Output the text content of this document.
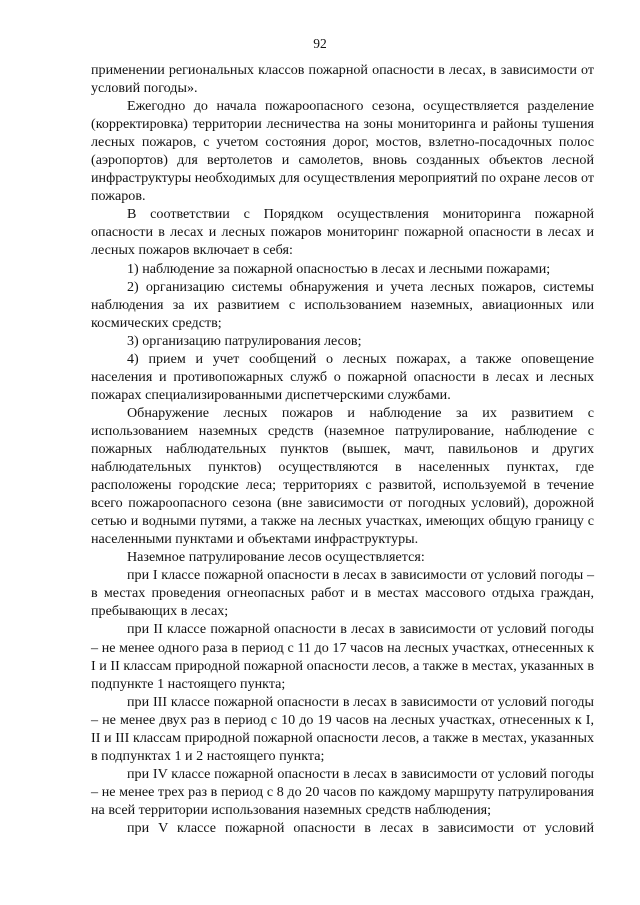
92

применении региональных классов пожарной опасности в лесах, в зависимости от условий погоды».

Ежегодно до начала пожароопасного сезона, осуществляется разделение (корректировка) территории лесничества на зоны мониторинга и районы тушения лесных пожаров, с учетом состояния дорог, мостов, взлетно-посадочных полос (аэропортов) для вертолетов и самолетов, вновь созданных объектов лесной инфраструктуры необходимых для осуществления мероприятий по охране лесов от пожаров.

В соответствии с Порядком осуществления мониторинга пожарной опасности в лесах и лесных пожаров мониторинг пожарной опасности в лесах и лесных пожаров включает в себя:

1) наблюдение за пожарной опасностью в лесах и лесными пожарами;

2) организацию системы обнаружения и учета лесных пожаров, системы наблюдения за их развитием с использованием наземных, авиационных или космических средств;

3) организацию патрулирования лесов;

4) прием и учет сообщений о лесных пожарах, а также оповещение населения и противопожарных служб о пожарной опасности в лесах и лесных пожарах специализированными диспетчерскими службами.

Обнаружение лесных пожаров и наблюдение за их развитием с использованием наземных средств (наземное патрулирование, наблюдение с пожарных наблюдательных пунктов (вышек, мачт, павильонов и других наблюдательных пунктов) осуществляются в населенных пунктах, где расположены городские леса; территориях с развитой, используемой в течение всего пожароопасного сезона (вне зависимости от погодных условий), дорожной сетью и водными путями, а также на лесных участках, имеющих общую границу с населенными пунктами и объектами инфраструктуры.

Наземное патрулирование лесов осуществляется:

при I классе пожарной опасности в лесах в зависимости от условий погоды – в местах проведения огнеопасных работ и в местах массового отдыха граждан, пребывающих в лесах;

при II классе пожарной опасности в лесах в зависимости от условий погоды – не менее одного раза в период с 11 до 17 часов на лесных участках, отнесенных к I и II классам природной пожарной опасности лесов, а также в местах, указанных в подпункте 1 настоящего пункта;

при III классе пожарной опасности в лесах в зависимости от условий погоды – не менее двух раз в период с 10 до 19 часов на лесных участках, отнесенных к I, II и III классам природной пожарной опасности лесов, а также в местах, указанных в подпунктах 1 и 2 настоящего пункта;

при IV классе пожарной опасности в лесах в зависимости от условий погоды – не менее трех раз в период с 8 до 20 часов по каждому маршруту патрулирования на всей территории использования наземных средств наблюдения;

при V классе пожарной опасности в лесах в зависимости от условий
